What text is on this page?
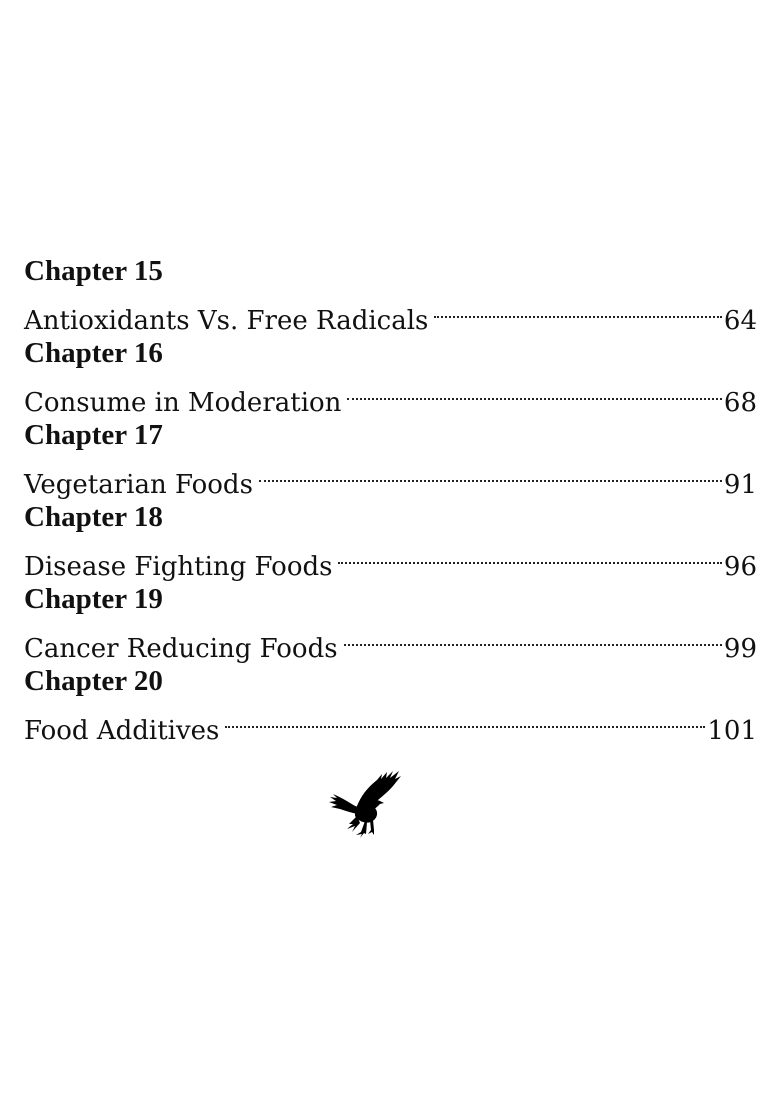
Chapter 15
Antioxidants Vs. Free Radicals	64
Chapter 16
Consume in Moderation	68
Chapter 17
Vegetarian Foods	91
Chapter 18
Disease Fighting Foods	96
Chapter 19
Cancer Reducing Foods	99
Chapter 20
Food Additives	101
